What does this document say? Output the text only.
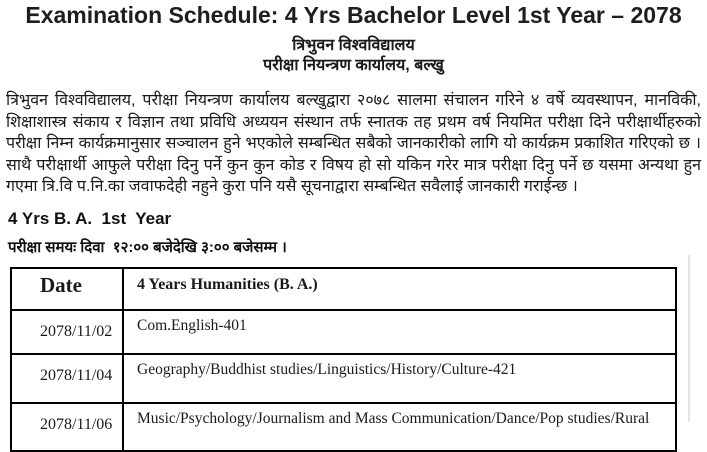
Examination Schedule: 4 Yrs Bachelor Level 1st Year – 2078
त्रिभुवन विश्वविद्यालय
परीक्षा नियन्त्रण कार्यालय, बल्खु
त्रिभुवन विश्वविद्यालय, परीक्षा नियन्त्रण कार्यालय बल्खुद्वारा २०७८ सालमा संचालन गरिने ४ वर्षे व्यवस्थापन, मानविकी, शिक्षाशास्त्र संकाय र विज्ञान तथा प्रविधि अध्ययन संस्थान तर्फ स्नातक तह प्रथम वर्ष नियमित परीक्षा दिने परीक्षार्थीहरुको परीक्षा निम्न कार्यक्रमानुसार सञ्चालन हुने भएकोले सम्बन्धित सबैको जानकारीको लागि यो कार्यक्रम प्रकाशित गरिएको छ । साथै परीक्षार्थी आफुले परीक्षा दिनु पर्ने कुन कुन कोड र विषय हो सो यकिन गरेर मात्र परीक्षा दिनु पर्ने छ यसमा अन्यथा हुन गएमा त्रि.वि प.नि.का जवाफदेही नहुने कुरा पनि यसै सूचनाद्वारा सम्बन्धित सवैलाई जानकारी गराईन्छ ।
4 Yrs B. A.  1st  Year
परीक्षा समयः दिवा  १२:०० बजेदेखि ३:०० बजेसम्म ।
Date	4 Years Humanities (B. A.)
2078/11/02	Com.English-401
2078/11/04	Geography/Buddhist studies/Linguistics/History/Culture-421
2078/11/06	Music/Psychology/Journalism and Mass Communication/Dance/Pop studies/Rural
